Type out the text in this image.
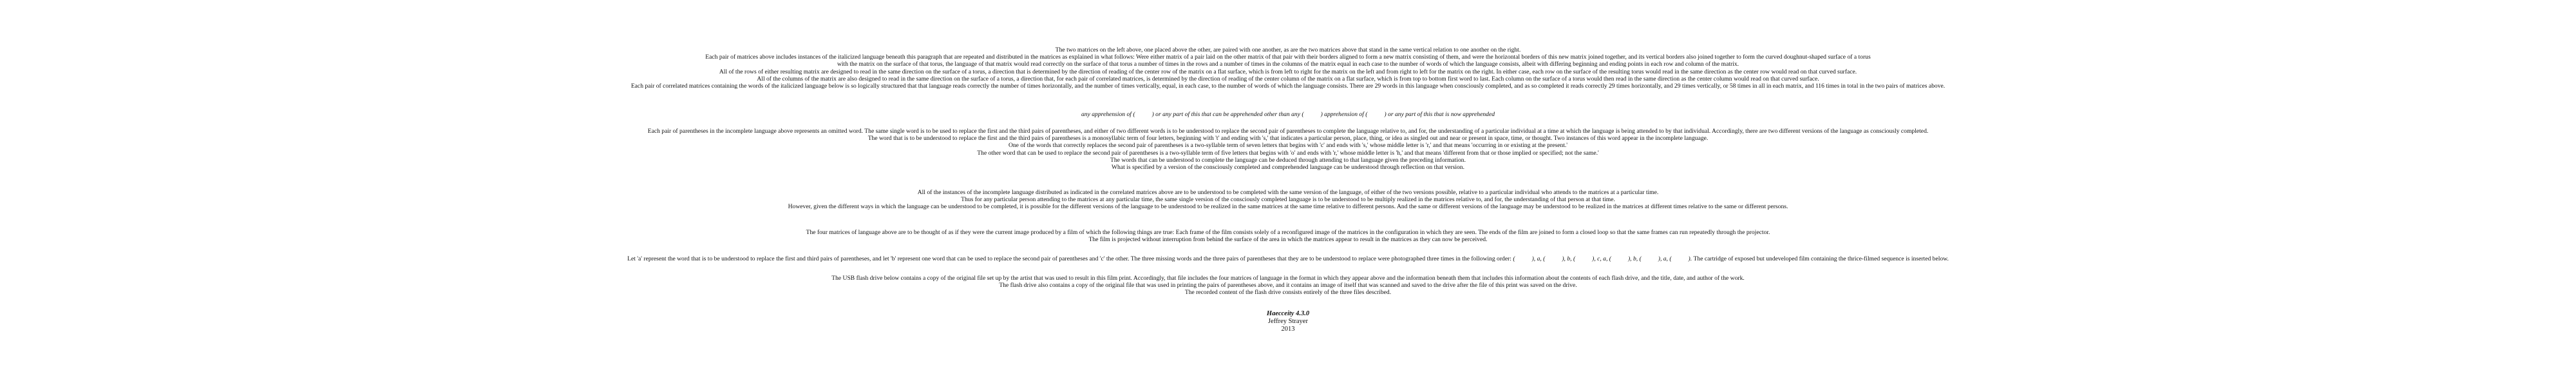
The two matrices on the left above, one placed above the other, are paired with one another, as are the two matrices above that stand in the same vertical relation to one another on the right.
Each pair of matrices above includes instances of the italicized language beneath this paragraph that are repeated and distributed in the matrices as explained in what follows: Were either matrix of a pair laid on the other matrix of that pair with their borders aligned to form a new matrix consisting of them, and were the horizontal borders of this new matrix joined together, and its vertical borders also joined together to form the curved doughnut-shaped surface of a torus
with the matrix on the surface of that torus, the language of that matrix would read correctly on the surface of that torus a number of times in the rows and a number of times in the columns of the matrix equal in each case to the number of words of which the language consists, albeit with differing beginning and ending points in each row and column of the matrix.
All of the rows of either resulting matrix are designed to read in the same direction on the surface of a torus, a direction that is determined by the direction of reading of the center row of the matrix on a flat surface, which is from left to right for the matrix on the left and from right to left for the matrix on the right. In either case, each row on the surface of the resulting torus would read in the same direction as the center row would read on that curved surface.
All of the columns of the matrix are also designed to read in the same direction on the surface of a torus, a direction that, for each pair of correlated matrices, is determined by the direction of reading of the center column of the matrix on a flat surface, which is from top to bottom first word to last. Each column on the surface of a torus would then read in the same direction as the center column would read on that curved surface.
Each pair of correlated matrices containing the words of the italicized language below is so logically structured that that language reads correctly the number of times horizontally, and the number of times vertically, equal, in each case, to the number of words of which the language consists. There are 29 words in this language when consciously completed, and as so completed it reads correctly 29 times horizontally, and 29 times vertically, or 58 times in all in each matrix, and 116 times in total in the two pairs of matrices above.
any apprehension of (	) or any part of this that can be apprehended other than any (	) apprehension of (	) or any part of this that is now apprehended
Each pair of parentheses in the incomplete language above represents an omitted word. The same single word is to be used to replace the first and the third pairs of parentheses, and either of two different words is to be understood to replace the second pair of parentheses to complete the language relative to, and for, the understanding of a particular individual at a time at which the language is being attended to by that individual. Accordingly, there are two different versions of the language as consciously completed.
The word that is to be understood to replace the first and the third pairs of parentheses is a monosyllabic term of four letters, beginning with 't' and ending with 's,' that indicates a particular person, place, thing, or idea as singled out and near or present in space, time, or thought. Two instances of this word appear in the incomplete language.
One of the words that correctly replaces the second pair of parentheses is a two-syllable term of seven letters that begins with 'c' and ends with 's,' whose middle letter is 'r,' and that means 'occurring in or existing at the present.'
The other word that can be used to replace the second pair of parentheses is a two-syllable term of five letters that begins with 'o' and ends with 'r,' whose middle letter is 'h,' and that means 'different from that or those implied or specified; not the same.'
The words that can be understood to complete the language can be deduced through attending to that language given the preceding information.
What is specified by a version of the consciously completed and comprehended language can be understood through reflection on that version.
All of the instances of the incomplete language distributed as indicated in the correlated matrices above are to be understood to be completed with the same version of the language, of either of the two versions possible, relative to a particular individual who attends to the matrices at a particular time.
Thus for any particular person attending to the matrices at any particular time, the same single version of the consciously completed language is to be understood to be multiply realized in the matrices relative to, and for, the understanding of that person at that time.
However, given the different ways in which the language can be understood to be completed, it is possible for the different versions of the language to be understood to be realized in the same matrices at the same time relative to different persons. And the same or different versions of the language may be understood to be realized in the matrices at different times relative to the same or different persons.
The four matrices of language above are to be thought of as if they were the current image produced by a film of which the following things are true: Each frame of the film consists solely of a reconfigured image of the matrices in the configuration in which they are seen. The ends of the film are joined to form a closed loop so that the same frames can run repeatedly through the projector.
The film is projected without interruption from behind the surface of the area in which the matrices appear to result in the matrices as they can now be perceived.
Let 'a' represent the word that is to be understood to replace the first and third pairs of parentheses, and let 'b' represent one word that can be used to replace the second pair of parentheses and 'c' the other. The three missing words and the three pairs of parentheses that they are to be understood to replace were photographed three times in the following order: (	), a, (	), b, (	), c, a, (	), b, (	), a, (	). The cartridge of exposed but undeveloped film containing the thrice-filmed sequence is inserted below.
The USB flash drive below contains a copy of the original file set up by the artist that was used to result in this film print. Accordingly, that file includes the four matrices of language in the format in which they appear above and the information beneath them that includes this information about the contents of each flash drive, and the title, date, and author of the work.
The flash drive also contains a copy of the original file that was used in printing the pairs of parentheses above, and it contains an image of itself that was scanned and saved to the drive after the file of this print was saved on the drive.
The recorded content of the flash drive consists entirely of the three files described.
Haecceity 4.3.0
Jeffrey Strayer
2013
